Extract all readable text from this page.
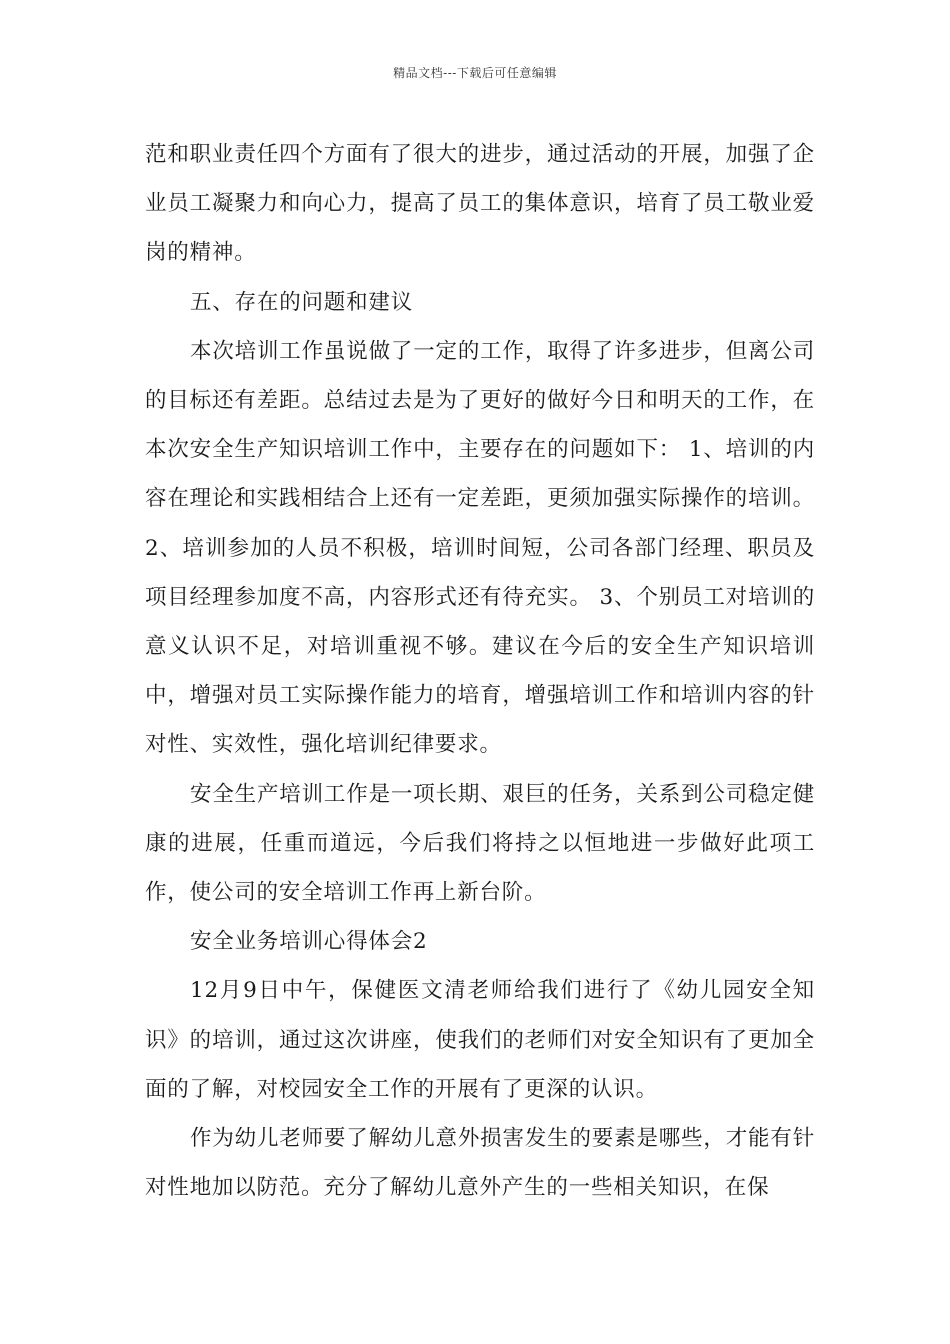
精品文档---下载后可任意编辑

范和职业责任四个方面有了很大的进步，通过活动的开展，加强了企业员工凝聚力和向心力，提高了员工的集体意识，培育了员工敬业爱岗的精神。

五、存在的问题和建议

本次培训工作虽说做了一定的工作，取得了许多进步，但离公司的目标还有差距。总结过去是为了更好的做好今日和明天的工作，在本次安全生产知识培训工作中，主要存在的问题如下： 1、培训的内容在理论和实践相结合上还有一定差距，更须加强实际操作的培训。 2、培训参加的人员不积极，培训时间短，公司各部门经理、职员及项目经理参加度不高，内容形式还有待充实。 3、个别员工对培训的意义认识不足，对培训重视不够。建议在今后的安全生产知识培训中，增强对员工实际操作能力的培育，增强培训工作和培训内容的针对性、实效性，强化培训纪律要求。

安全生产培训工作是一项长期、艰巨的任务，关系到公司稳定健康的进展，任重而道远，今后我们将持之以恒地进一步做好此项工作，使公司的安全培训工作再上新台阶。

安全业务培训心得体会2

12月9日中午，保健医文清老师给我们进行了《幼儿园安全知识》的培训，通过这次讲座，使我们的老师们对安全知识有了更加全面的了解，对校园安全工作的开展有了更深的认识。

作为幼儿老师要了解幼儿意外损害发生的要素是哪些，才能有针对性地加以防范。充分了解幼儿意外产生的一些相关知识，在保
